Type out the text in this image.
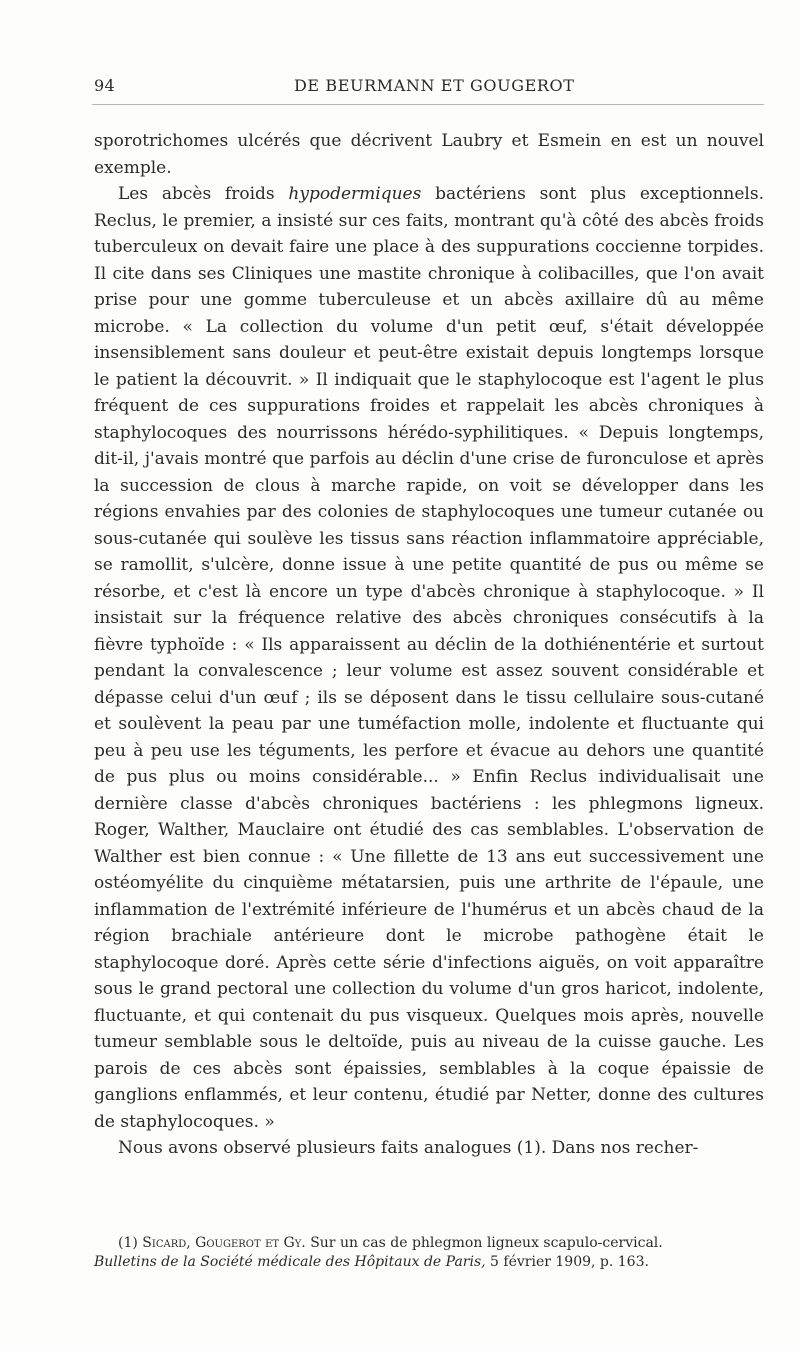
94	DE BEURMANN ET GOUGEROT

sporotrichomes ulcérés que décrivent Laubry et Esmein en est un nouvel exemple.

Les abcès froids hypodermiques bactériens sont plus exceptionnels. Reclus, le premier, a insisté sur ces faits, montrant qu'à côté des abcès froids tuberculeux on devait faire une place à des suppurations coccienne torpides. Il cite dans ses Cliniques une mastite chronique à colibacilles, que l'on avait prise pour une gomme tuberculeuse et un abcès axillaire dû au même microbe. « La collection du volume d'un petit œuf, s'était développée insensiblement sans douleur et peut-être existait depuis longtemps lorsque le patient la découvrit. » Il indiquait que le staphylocoque est l'agent le plus fréquent de ces suppurations froides et rappelait les abcès chroniques à staphylocoques des nourrissons hérédo-syphilitiques. « Depuis longtemps, dit-il, j'avais montré que parfois au déclin d'une crise de furonculose et après la succession de clous à marche rapide, on voit se développer dans les régions envahies par des colonies de staphylocoques une tumeur cutanée ou sous-cutanée qui soulève les tissus sans réaction inflammatoire appréciable, se ramollit, s'ulcère, donne issue à une petite quantité de pus ou même se résorbe, et c'est là encore un type d'abcès chronique à staphylocoque. » Il insistait sur la fréquence relative des abcès chroniques consécutifs à la fièvre typhoïde : « Ils apparaissent au déclin de la dothiénentérie et surtout pendant la convalescence ; leur volume est assez souvent considérable et dépasse celui d'un œuf ; ils se déposent dans le tissu cellulaire sous-cutané et soulèvent la peau par une tuméfaction molle, indolente et fluctuante qui peu à peu use les téguments, les perfore et évacue au dehors une quantité de pus plus ou moins considérable... » Enfin Reclus individualisait une dernière classe d'abcès chroniques bactériens : les phlegmons ligneux. Roger, Walther, Mauclaire ont étudié des cas semblables. L'observation de Walther est bien connue : « Une fillette de 13 ans eut successivement une ostéomyélite du cinquième métatarsien, puis une arthrite de l'épaule, une inflammation de l'extrémité inférieure de l'humérus et un abcès chaud de la région brachiale antérieure dont le microbe pathogène était le staphylocoque doré. Après cette série d'infections aiguës, on voit apparaître sous le grand pectoral une collection du volume d'un gros haricot, indolente, fluctuante, et qui contenait du pus visqueux. Quelques mois après, nouvelle tumeur semblable sous le deltoïde, puis au niveau de la cuisse gauche. Les parois de ces abcès sont épaissies, semblables à la coque épaissie de ganglions enflammés, et leur contenu, étudié par Netter, donne des cultures de staphylocoques. »

Nous avons observé plusieurs faits analogues (1). Dans nos recher-

(1) Sicard, Gougerot et Gy. Sur un cas de phlegmon ligneux scapulo-cervical.
Bulletins de la Société médicale des Hôpitaux de Paris, 5 février 1909, p. 163.
